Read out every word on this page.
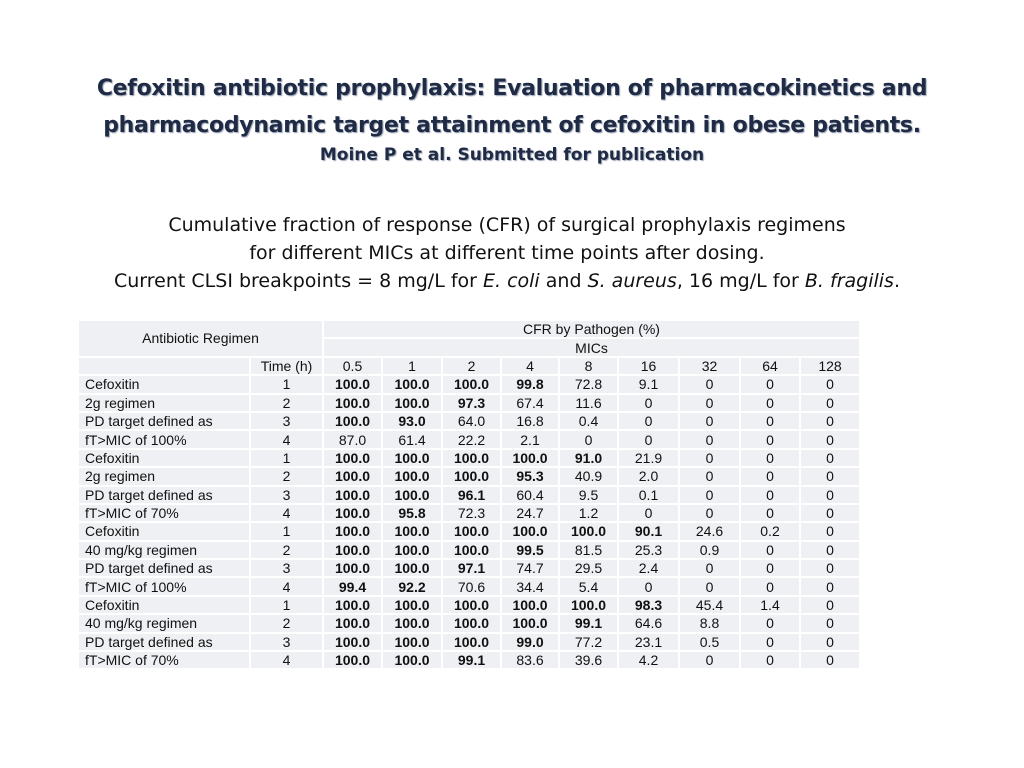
Cefoxitin antibiotic prophylaxis: Evaluation of pharmacokinetics and
pharmacodynamic target attainment of cefoxitin in obese patients.
Moine P et al. Submitted for publication
Cumulative fraction of response (CFR) of surgical prophylaxis regimens
for different MICs at different time points after dosing.
Current CLSI breakpoints = 8 mg/L for E. coli and S. aureus, 16 mg/L for B. fragilis.
Antibiotic Regimen		CFR by Pathogen (%)								
		MICs								
	Time (h)	0.5	1	2	4	8	16	32	64	128
Cefoxitin	1	100.0	100.0	100.0	99.8	72.8	9.1	0	0	0
2g regimen	2	100.0	100.0	97.3	67.4	11.6	0	0	0	0
PD target defined as	3	100.0	93.0	64.0	16.8	0.4	0	0	0	0
fT>MIC of 100%	4	87.0	61.4	22.2	2.1	0	0	0	0	0
Cefoxitin	1	100.0	100.0	100.0	100.0	91.0	21.9	0	0	0
2g regimen	2	100.0	100.0	100.0	95.3	40.9	2.0	0	0	0
PD target defined as	3	100.0	100.0	96.1	60.4	9.5	0.1	0	0	0
fT>MIC of 70%	4	100.0	95.8	72.3	24.7	1.2	0	0	0	0
Cefoxitin	1	100.0	100.0	100.0	100.0	100.0	90.1	24.6	0.2	0
40 mg/kg regimen	2	100.0	100.0	100.0	99.5	81.5	25.3	0.9	0	0
PD target defined as	3	100.0	100.0	97.1	74.7	29.5	2.4	0	0	0
fT>MIC of 100%	4	99.4	92.2	70.6	34.4	5.4	0	0	0	0
Cefoxitin	1	100.0	100.0	100.0	100.0	100.0	98.3	45.4	1.4	0
40 mg/kg regimen	2	100.0	100.0	100.0	100.0	99.1	64.6	8.8	0	0
PD target defined as	3	100.0	100.0	100.0	99.0	77.2	23.1	0.5	0	0
fT>MIC of 70%	4	100.0	100.0	99.1	83.6	39.6	4.2	0	0	0
